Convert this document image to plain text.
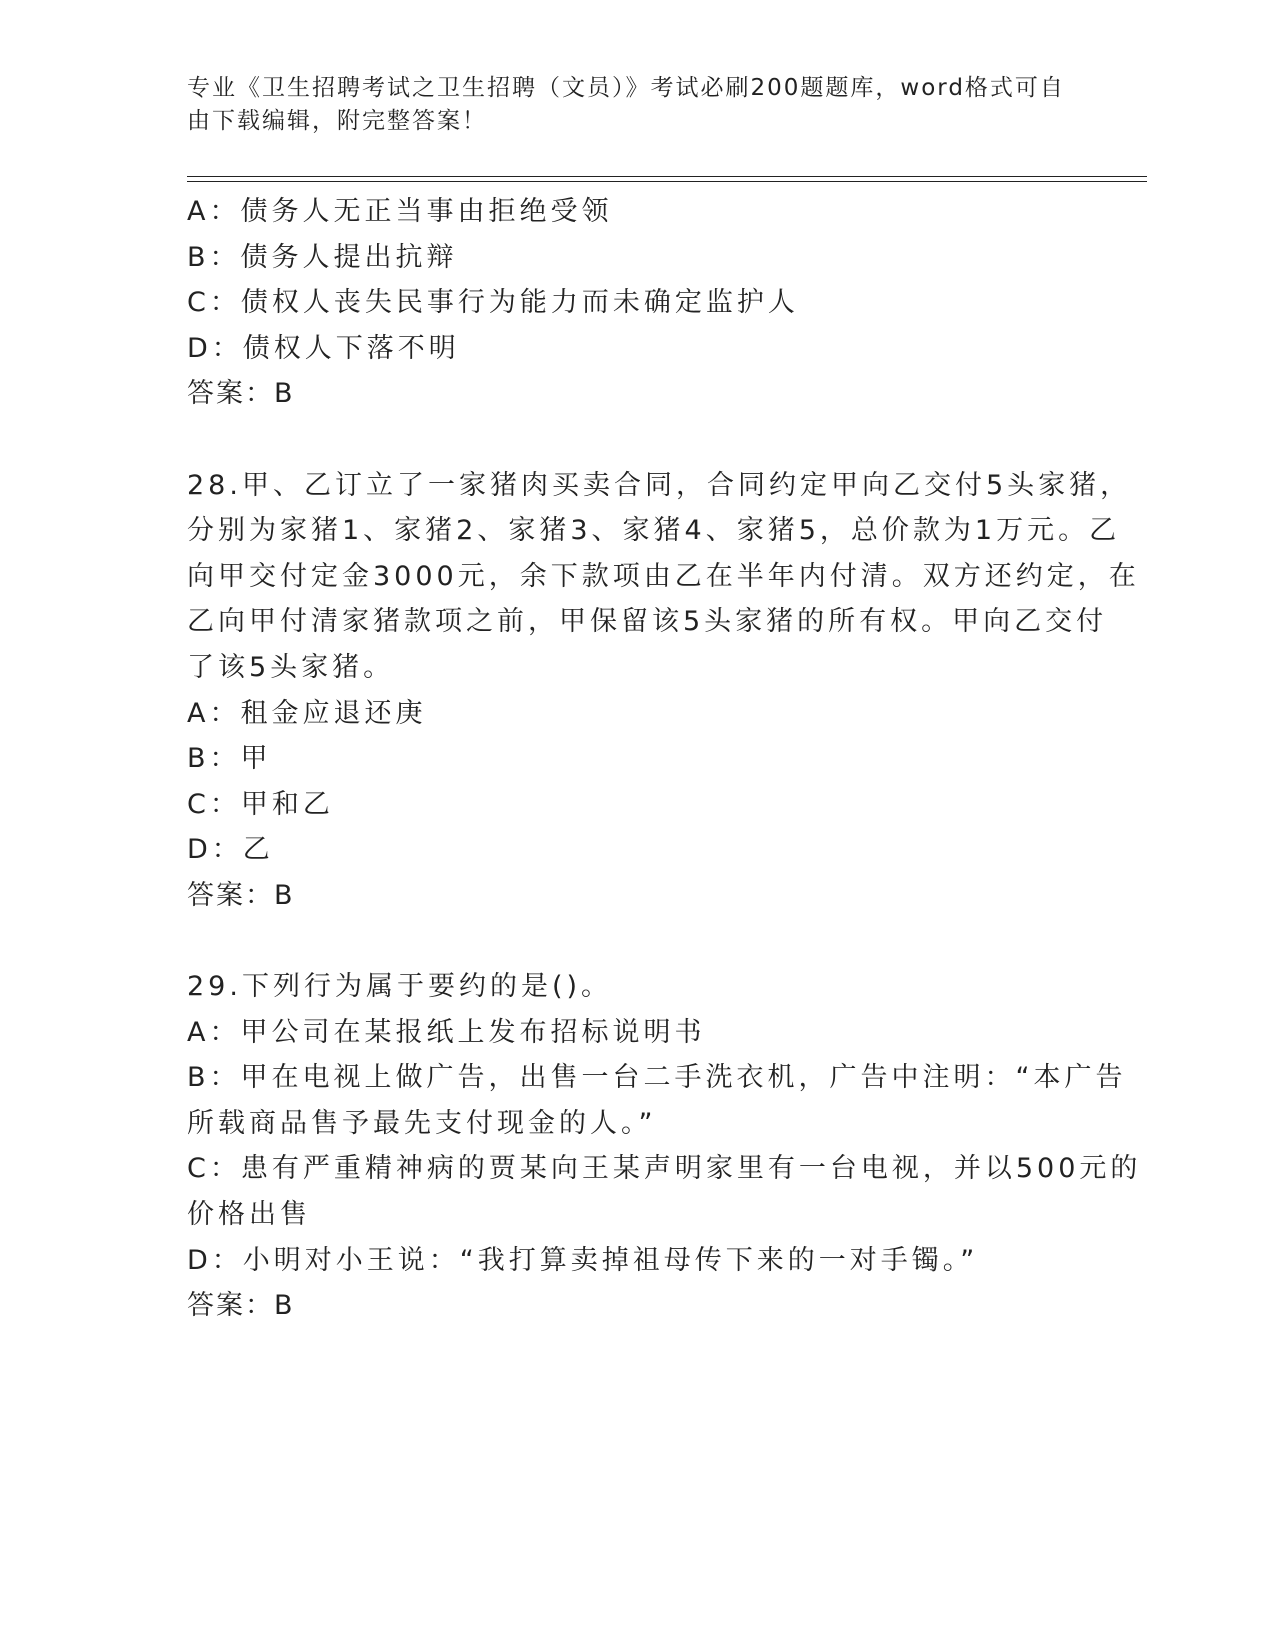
专业《卫生招聘考试之卫生招聘（文员）》考试必刷200题题库，word格式可自
由下载编辑，附完整答案！
A：债务人无正当事由拒绝受领
B：债务人提出抗辩
C：债权人丧失民事行为能力而未确定监护人
D：债权人下落不明
答案：B
28.甲、乙订立了一家猪肉买卖合同，合同约定甲向乙交付5头家猪，
分别为家猪1、家猪2、家猪3、家猪4、家猪5，总价款为1万元。乙
向甲交付定金3000元，余下款项由乙在半年内付清。双方还约定，在
乙向甲付清家猪款项之前，甲保留该5头家猪的所有权。甲向乙交付
了该5头家猪。
A：租金应退还庚
B：甲
C：甲和乙
D：乙
答案：B
29.下列行为属于要约的是()。
A：甲公司在某报纸上发布招标说明书
B：甲在电视上做广告，出售一台二手洗衣机，广告中注明：“本广告
所载商品售予最先支付现金的人。”
C：患有严重精神病的贾某向王某声明家里有一台电视，并以500元的
价格出售
D：小明对小王说：“我打算卖掉祖母传下来的一对手镯。”
答案：B
